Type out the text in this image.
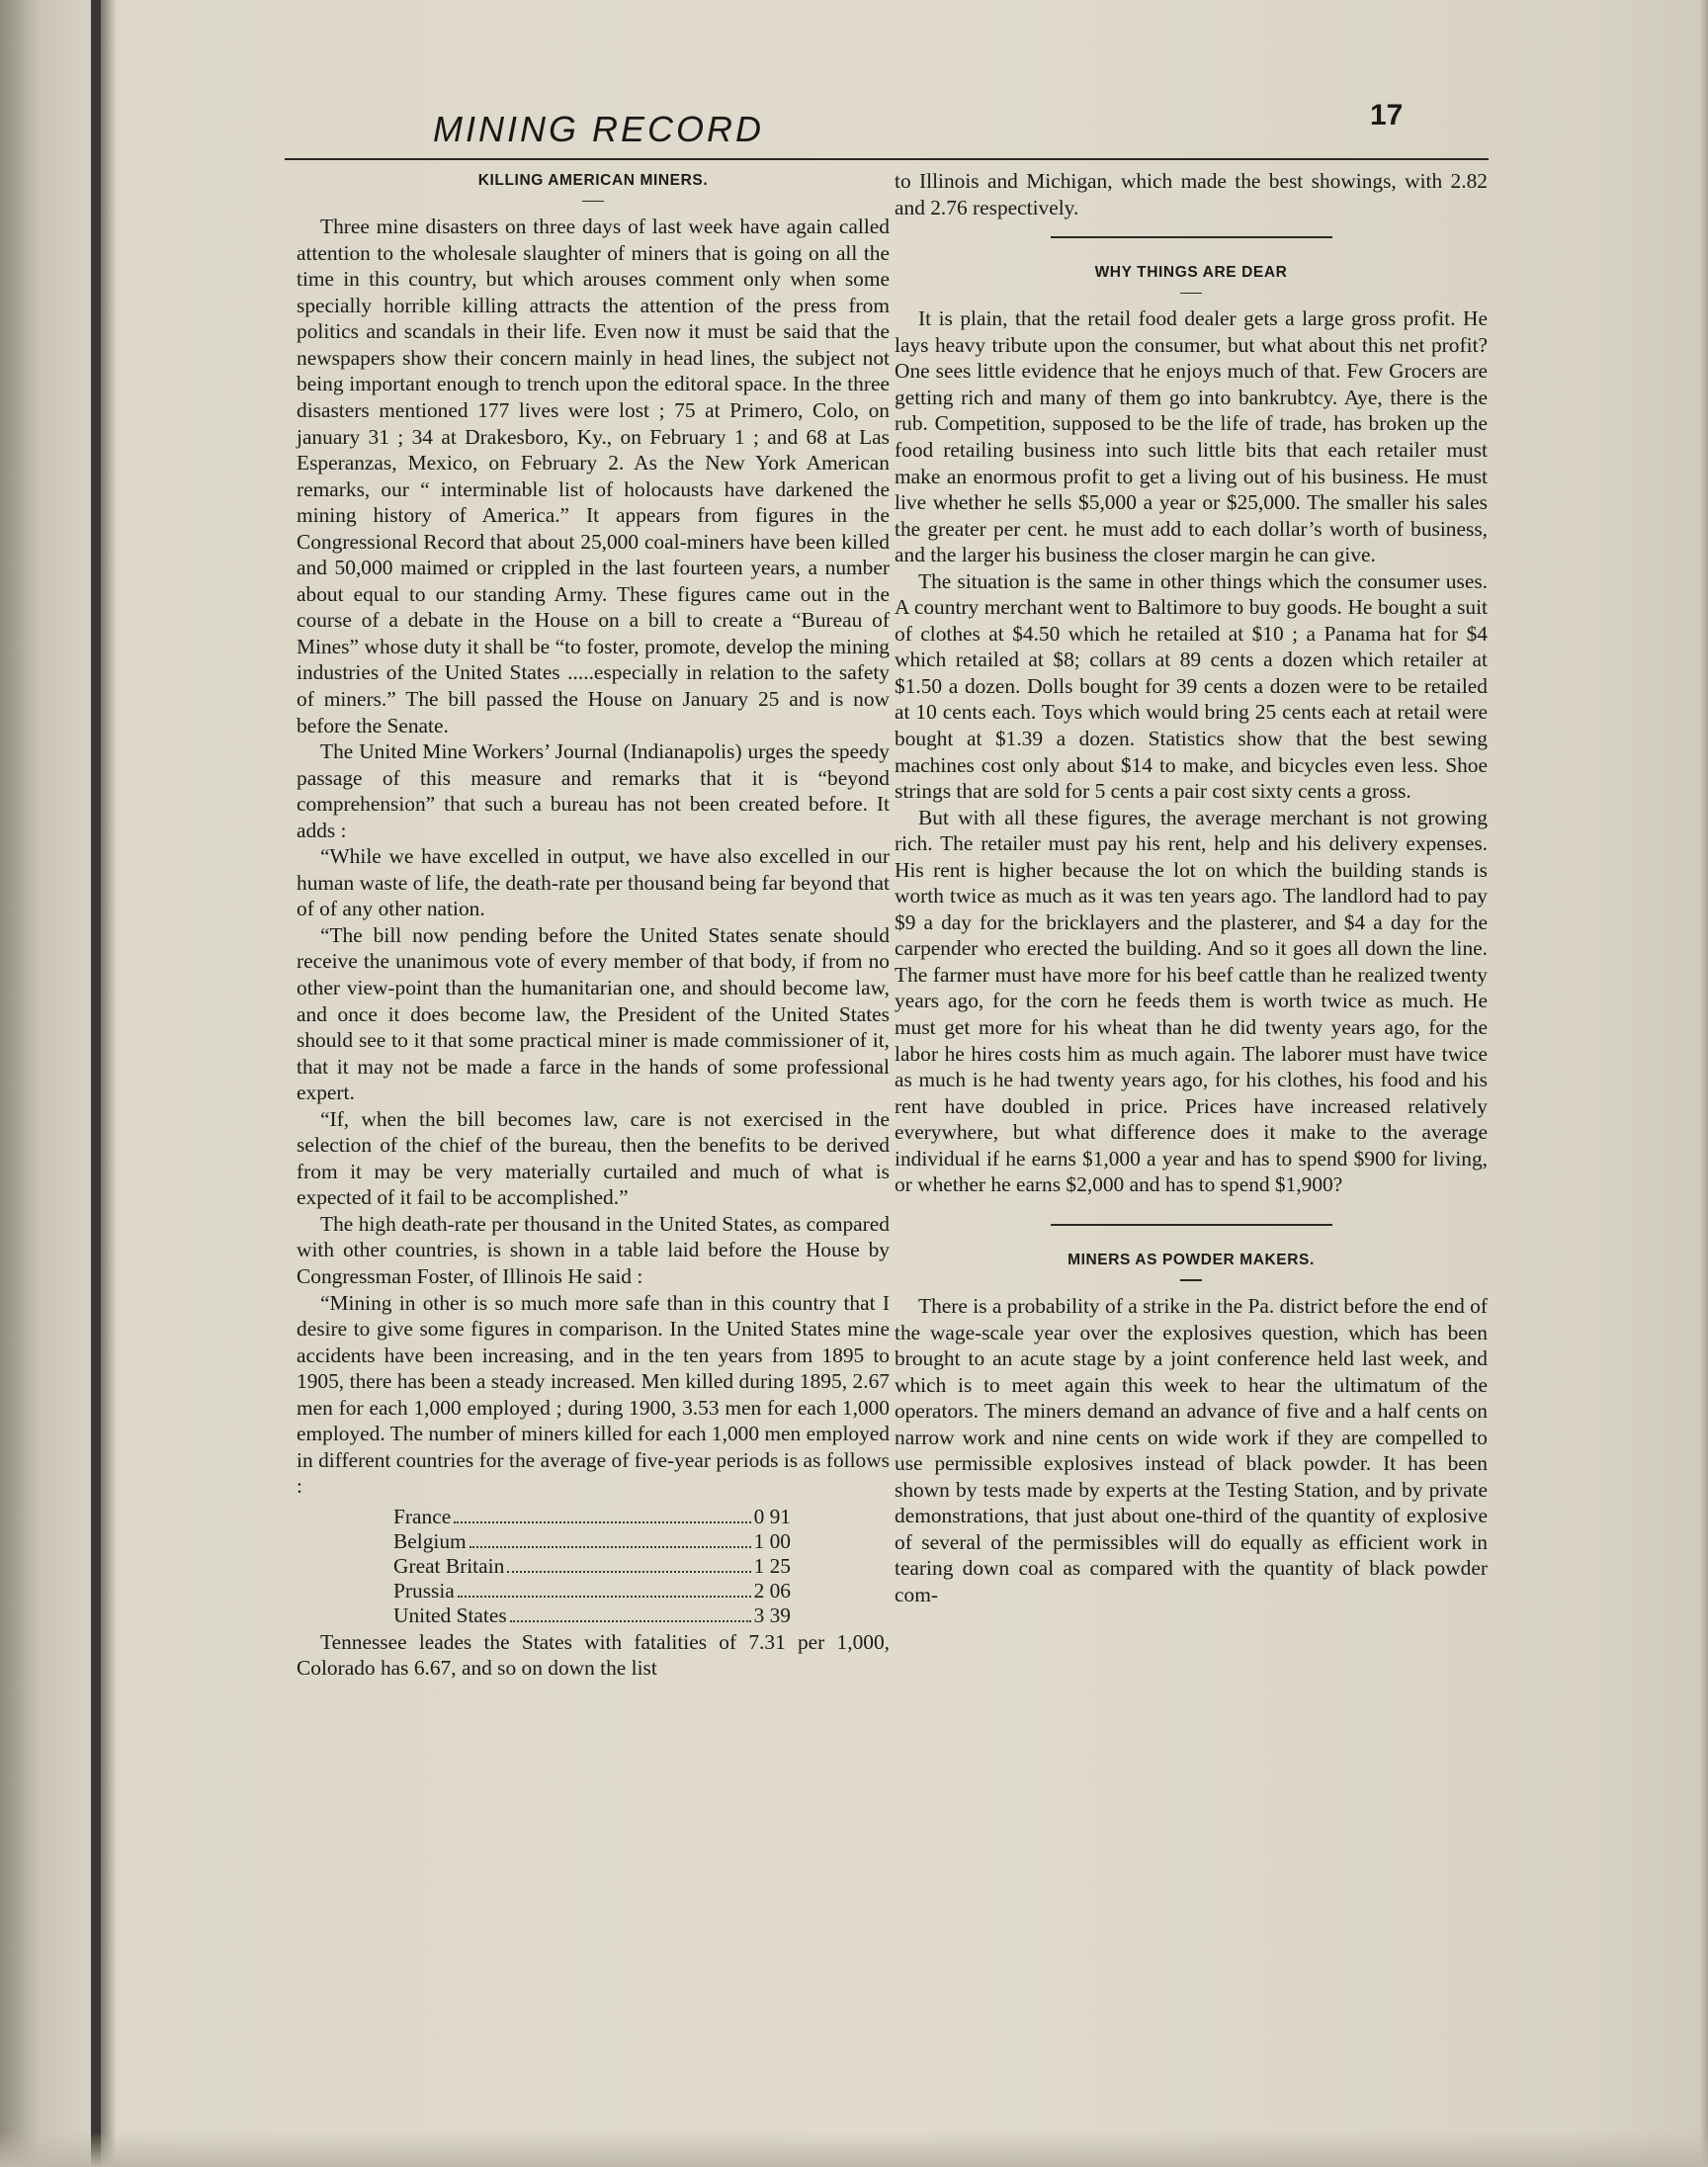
MINING RECORD	17
KILLING AMERICAN MINERS.

Three mine disasters on three days of last week have again called attention to the wholesale slaughter of miners that is going on all the time in this country, but which arouses comment only when some specially horrible killing attracts the attention of the press from politics and scandals in their life. Even now it must be said that the newspapers show their concern mainly in head lines, the subject not being important enough to trench upon the editoral space. In the three disasters mentioned 177 lives were lost ; 75 at Primero, Colo, on january 31 ; 34 at Drakesboro, Ky., on February 1 ; and 68 at Las Esperanzas, Mexico, on February 2. As the New York American remarks, our “ interminable list of holocausts have darkened the mining history of America.” It appears from figures in the Congressional Record that about 25,000 coal-miners have been killed and 50,000 maimed or crippled in the last fourteen years, a number about equal to our standing Army. These figures came out in the course of a debate in the House on a bill to create a “Bureau of Mines” whose duty it shall be “to foster, promote, develop the mining industries of the United States .....especially in relation to the safety of miners.” The bill passed the House on January 25 and is now before the Senate.

The United Mine Workers’ Journal (Indianapolis) urges the speedy passage of this measure and remarks that it is “beyond comprehension” that such a bureau has not been created before. It adds :

“While we have excelled in output, we have also excelled in our human waste of life, the death-rate per thousand being far beyond that of of any other nation.

“The bill now pending before the United States senate should receive the unanimous vote of every member of that body, if from no other view-point than the humanitarian one, and should become law, and once it does become law, the President of the United States should see to it that some practical miner is made commissioner of it, that it may not be made a farce in the hands of some professional expert.

“If, when the bill becomes law, care is not exercised in the selection of the chief of the bureau, then the benefits to be derived from it may be very materially curtailed and much of what is expected of it fail to be accomplished.”

The high death-rate per thousand in the United States, as compared with other countries, is shown in a table laid before the House by Congressman Foster, of Illinois He said :

“Mining in other is so much more safe than in this country that I desire to give some figures in comparison. In the United States mine accidents have been increasing, and in the ten years from 1895 to 1905, there has been a steady increased. Men killed during 1895, 2.67 men for each 1,000 employed ; during 1900, 3.53 men for each 1,000 employed. The number of miners killed for each 1,000 men employed in different countries for the average of five-year periods is as follows :

France	0 91
Belgium	1 00
Great Britain	1 25
Prussia	2 06
United States	3 39

Tennessee leades the States with fatalities of 7.31 per 1,000, Colorado has 6.67, and so on down the list

to Illinois and Michigan, which made the best showings, with 2.82 and 2.76 respectively.

WHY THINGS ARE DEAR

It is plain, that the retail food dealer gets a large gross profit. He lays heavy tribute upon the consumer, but what about this net profit? One sees little evidence that he enjoys much of that. Few Grocers are getting rich and many of them go into bankrubtcy. Aye, there is the rub. Competition, supposed to be the life of trade, has broken up the food retailing business into such little bits that each retailer must make an enormous profit to get a living out of his business. He must live whether he sells $5,000 a year or $25,000. The smaller his sales the greater per cent. he must add to each dollar’s worth of business, and the larger his business the closer margin he can give.

The situation is the same in other things which the consumer uses. A country merchant went to Baltimore to buy goods. He bought a suit of clothes at $4.50 which he retailed at $10 ; a Panama hat for $4 which retailed at $8; collars at 89 cents a dozen which retailer at $1.50 a dozen. Dolls bought for 39 cents a dozen were to be retailed at 10 cents each. Toys which would bring 25 cents each at retail were bought at $1.39 a dozen. Statistics show that the best sewing machines cost only about $14 to make, and bicycles even less. Shoe strings that are sold for 5 cents a pair cost sixty cents a gross.

But with all these figures, the average merchant is not growing rich. The retailer must pay his rent, help and his delivery expenses. His rent is higher because the lot on which the building stands is worth twice as much as it was ten years ago. The landlord had to pay $9 a day for the bricklayers and the plasterer, and $4 a day for the carpender who erected the building. And so it goes all down the line. The farmer must have more for his beef cattle than he realized twenty years ago, for the corn he feeds them is worth twice as much. He must get more for his wheat than he did twenty years ago, for the labor he hires costs him as much again. The laborer must have twice as much is he had twenty years ago, for his clothes, his food and his rent have doubled in price. Prices have increased relatively everywhere, but what difference does it make to the average individual if he earns $1,000 a year and has to spend $900 for living, or whether he earns $2,000 and has to spend $1,900?

MINERS AS POWDER MAKERS.

There is a probability of a strike in the Pa. district before the end of the wage-scale year over the explosives question, which has been brought to an acute stage by a joint conference held last week, and which is to meet again this week to hear the ultimatum of the operators. The miners demand an advance of five and a half cents on narrow work and nine cents on wide work if they are compelled to use permissible explosives instead of black powder. It has been shown by tests made by experts at the Testing Station, and by private demonstrations, that just about one-third of the quantity of explosive of several of the permissibles will do equally as efficient work in tearing down coal as compared with the quantity of black powder com-
